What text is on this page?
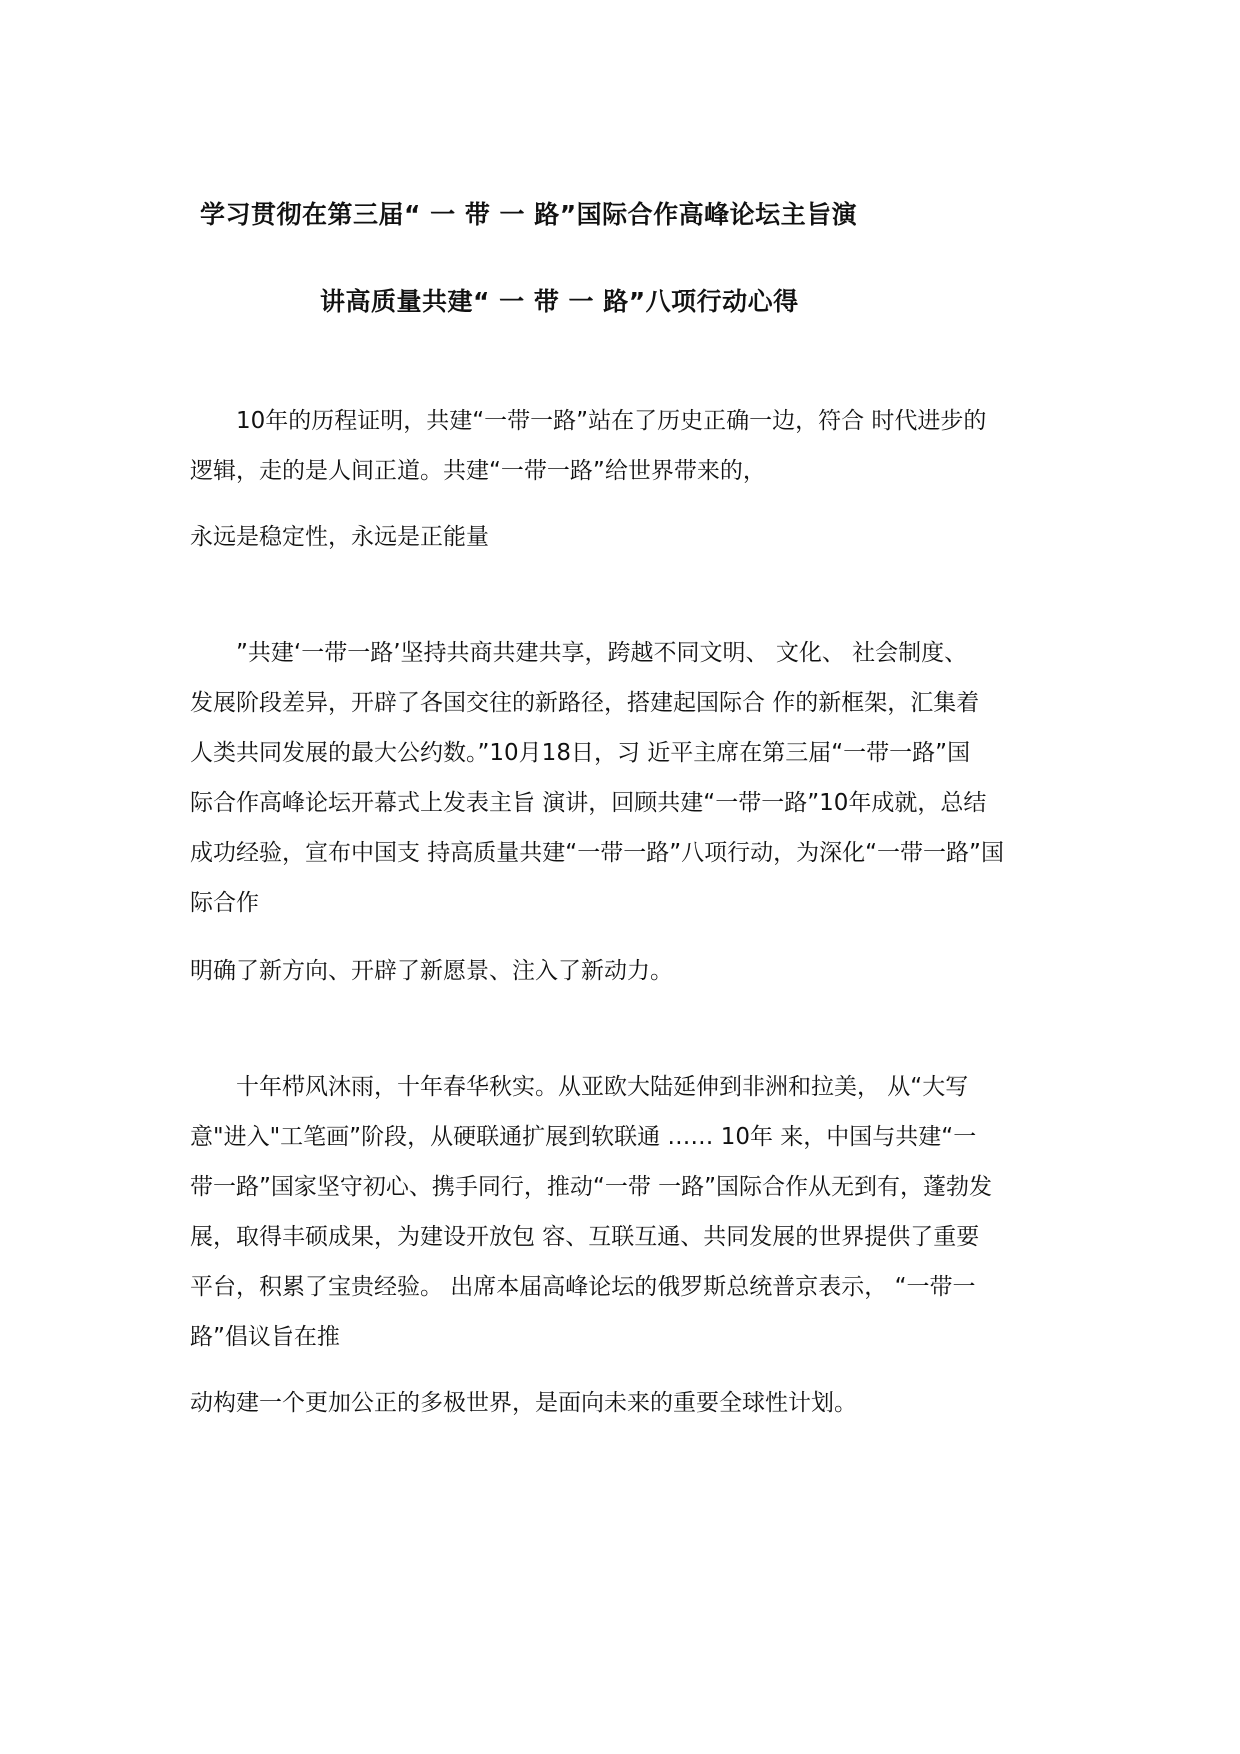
学习贯彻在第三届“ 一 带 一 路”国际合作高峰论坛主旨演
讲高质量共建“ 一 带 一 路”八项行动心得
　　10年的历程证明，共建“一带一路”站在了历史正确一边，符合 时代进步的
逻辑，走的是人间正道。共建“一带一路”给世界带来的，
永远是稳定性，永远是正能量
　　”共建‘一带一路’坚持共商共建共享，跨越不同文明、 文化、 社会制度、
发展阶段差异，开辟了各国交往的新路径，搭建起国际合 作的新框架，汇集着
人类共同发展的最大公约数。”10月18日，习 近平主席在第三届“一带一路”国
际合作高峰论坛开幕式上发表主旨 演讲，回顾共建“一带一路”10年成就，总结
成功经验，宣布中国支 持高质量共建“一带一路”八项行动，为深化“一带一路”国
际合作
明确了新方向、开辟了新愿景、注入了新动力。
　　十年栉风沐雨，十年春华秋实。从亚欧大陆延伸到非洲和拉美， 从“大写
意"进入"工笔画”阶段，从硬联通扩展到软联通 …… 10年 来，中国与共建“一
带一路”国家坚守初心、携手同行，推动“一带 一路”国际合作从无到有，蓬勃发
展，取得丰硕成果，为建设开放包 容、互联互通、共同发展的世界提供了重要
平台，积累了宝贵经验。 出席本届高峰论坛的俄罗斯总统普京表示， “一带一
路”倡议旨在推
动构建一个更加公正的多极世界，是面向未来的重要全球性计划。
